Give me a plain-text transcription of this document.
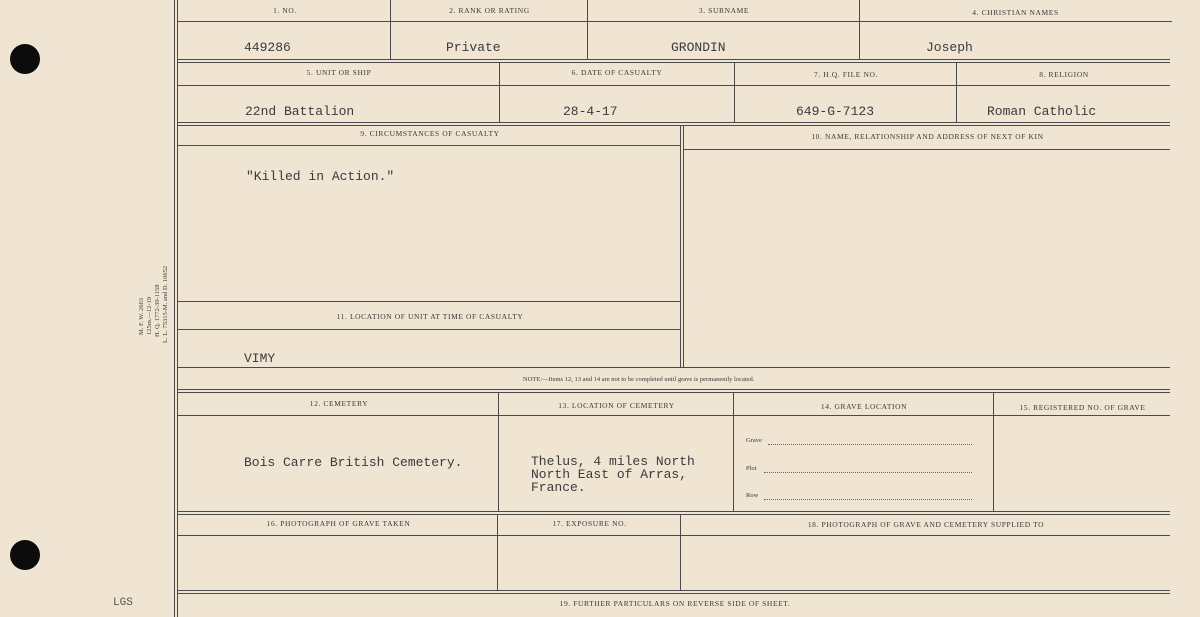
M. F. W. 2663 125m.—12-19 H. Q. 1772-39-1158 L. L. 75315-M. and D. 10652
LGS
1. NO.	2. RANK OR RATING	3. SURNAME	4. CHRISTIAN NAMES
449286	Private	GRONDIN	Joseph
5. UNIT OR SHIP	6. DATE OF CASUALTY	7. H.Q. FILE NO.	8. RELIGION
22nd Battalion	28-4-17	649-G-7123	Roman Catholic
9. CIRCUMSTANCES OF CASUALTY	10. NAME, RELATIONSHIP AND ADDRESS OF NEXT OF KIN
"Killed in Action."
11. LOCATION OF UNIT AT TIME OF CASUALTY
VIMY
NOTE:—Items 12, 13 and 14 are not to be completed until grave is permanently located.
12. CEMETERY	13. LOCATION OF CEMETERY	14. GRAVE LOCATION	15. REGISTERED NO. OF GRAVE
Bois Carre British Cemetery.	Thelus, 4 miles North
North East of Arras,
France.
Grave
Plot
Row
16. PHOTOGRAPH OF GRAVE TAKEN	17. EXPOSURE NO.	18. PHOTOGRAPH OF GRAVE AND CEMETERY SUPPLIED TO
19. FURTHER PARTICULARS ON REVERSE SIDE OF SHEET.
